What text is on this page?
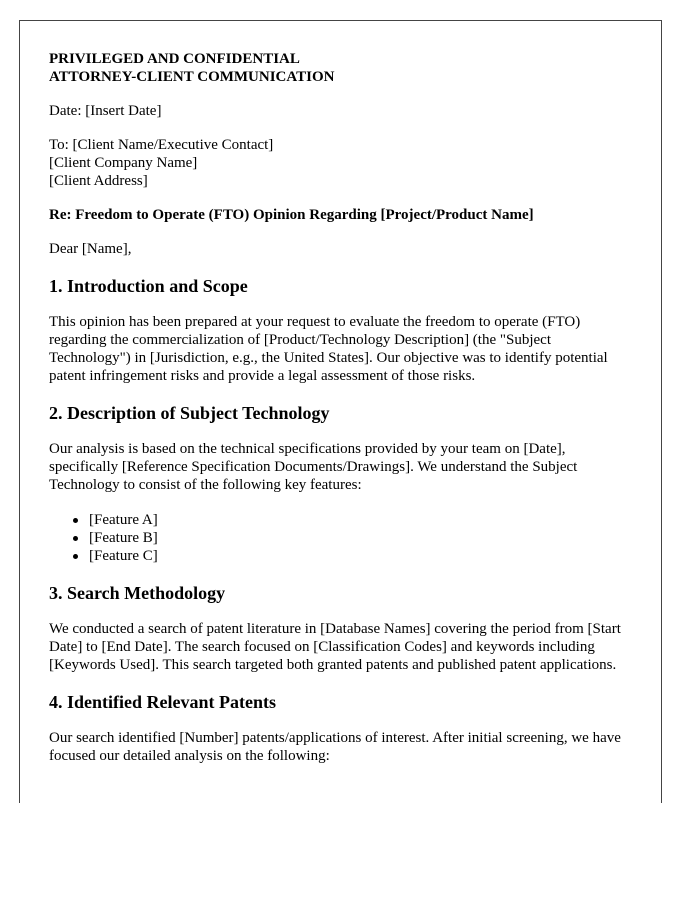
PRIVILEGED AND CONFIDENTIAL

ATTORNEY-CLIENT COMMUNICATION

Date: [Insert Date]

To: [Client Name/Executive Contact]

[Client Company Name]

[Client Address]

Re: Freedom to Operate (FTO) Opinion Regarding [Project/Product Name]

Dear [Name],

1. Introduction and Scope

This opinion has been prepared at your request to evaluate the freedom to operate (FTO) regarding the commercialization of [Product/Technology Description] (the "Subject Technology") in [Jurisdiction, e.g., the United States]. Our objective was to identify potential patent infringement risks and provide a legal assessment of those risks.

2. Description of Subject Technology

Our analysis is based on the technical specifications provided by your team on [Date], specifically [Reference Specification Documents/Drawings]. We understand the Subject Technology to consist of the following key features:

[Feature A]
[Feature B]
[Feature C]
3. Search Methodology

We conducted a search of patent literature in [Database Names] covering the period from [Start Date] to [End Date]. The search focused on [Classification Codes] and keywords including [Keywords Used]. This search targeted both granted patents and published patent applications.

4. Identified Relevant Patents

Our search identified [Number] patents/applications of interest. After initial screening, we have focused our detailed analysis on the following:
